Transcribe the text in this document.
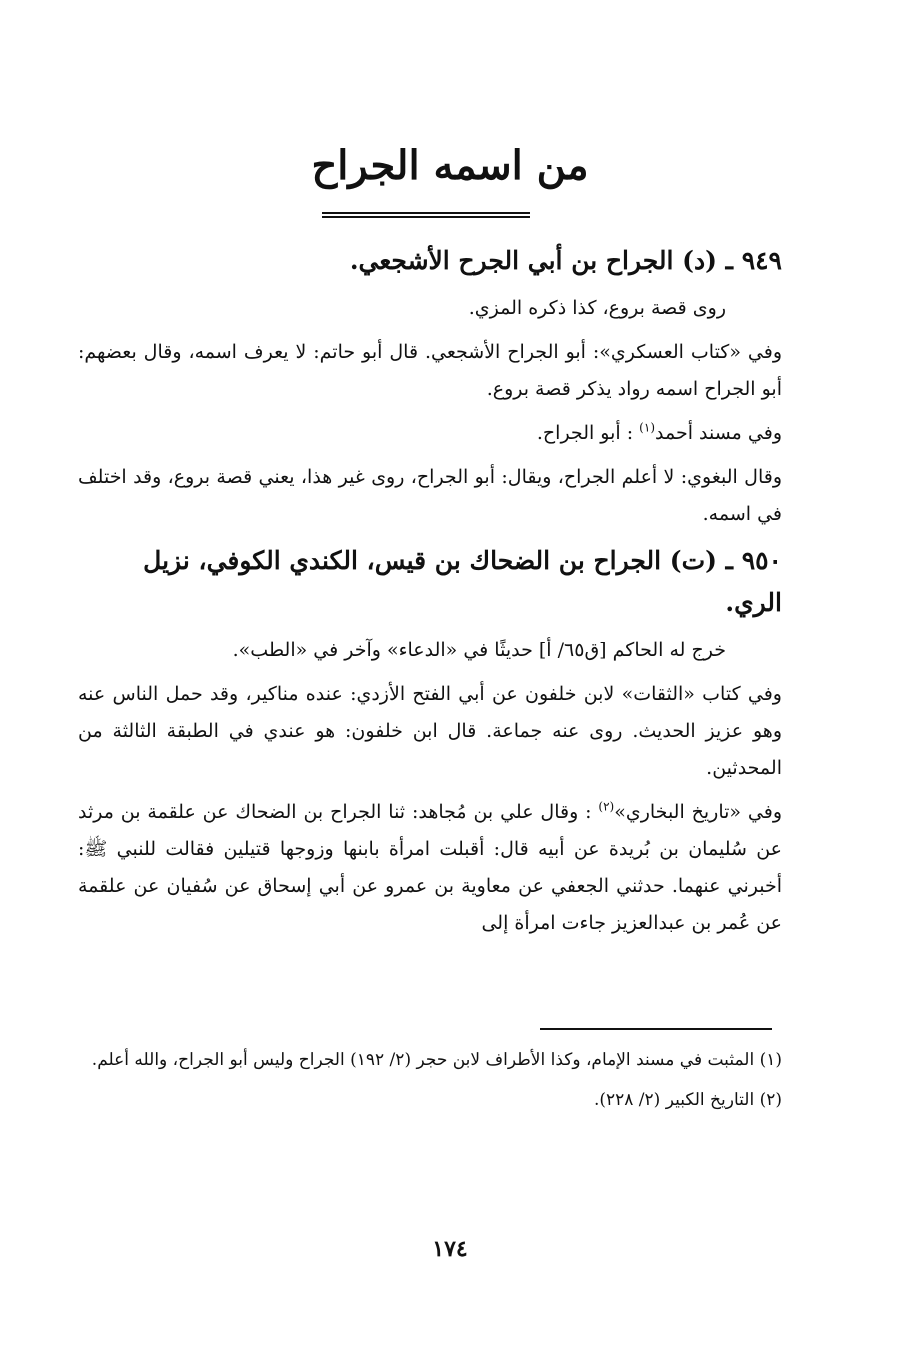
من اسمه الجراح
٩٤٩ ـ (د) الجراح بن أبي الجرح الأشجعي.

روى قصة بروع، كذا ذكره المزي.

وفي «كتاب العسكري»: أبو الجراح الأشجعي. قال أبو حاتم: لا يعرف اسمه، وقال بعضهم: أبو الجراح اسمه رواد يذكر قصة بروع.

وفي مسند أحمد$^{(١)}$ : أبو الجراح.

وقال البغوي: لا أعلم الجراح، ويقال: أبو الجراح، روى غير هذا، يعني قصة بروع، وقد اختلف في اسمه.

٩٥٠ ـ (ت) الجراح بن الضحاك بن قيس، الكندي الكوفي، نزيل الري.

خرج له الحاكم [ق٦٥/ أ] حديثًا في «الدعاء» وآخر في «الطب».

وفي كتاب «الثقات» لابن خلفون عن أبي الفتح الأزدي: عنده مناكير، وقد حمل الناس عنه وهو عزيز الحديث. روى عنه جماعة. قال ابن خلفون: هو عندي في الطبقة الثالثة من المحدثين.

وفي «تاريخ البخاري»$^{(٢)}$ : وقال علي بن مُجاهد: ثنا الجراح بن الضحاك عن علقمة بن مرثد عن سُليمان بن بُريدة عن أبيه قال: أقبلت امرأة بابنها وزوجها قتيلين فقالت للنبي ﷺ: أخبرني عنهما. حدثني الجعفي عن معاوية بن عمرو عن أبي إسحاق عن سُفيان عن علقمة عن عُمر بن عبدالعزيز جاءت امرأة إلى

(١) المثبت في مسند الإمام، وكذا الأطراف لابن حجر (٢/ ١٩٢) الجراح وليس أبو الجراح، والله أعلم.

(٢) التاريخ الكبير (٢/ ٢٢٨).

١٧٤
